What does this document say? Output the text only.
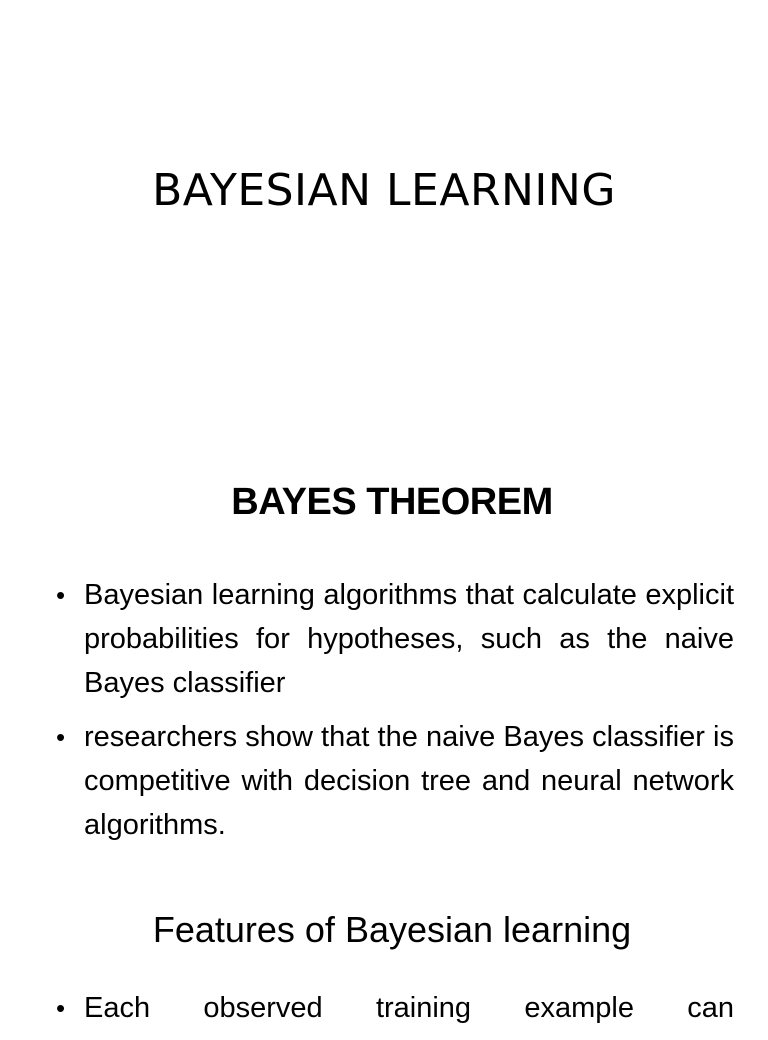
BAYESIAN LEARNING
BAYES THEOREM
• Bayesian learning algorithms that calculate explicit probabilities for hypotheses, such as the naive Bayes classifier
• researchers show that the naive Bayes classifier is competitive with decision tree and neural network algorithms.
Features of Bayesian learning
• Each observed training example can
